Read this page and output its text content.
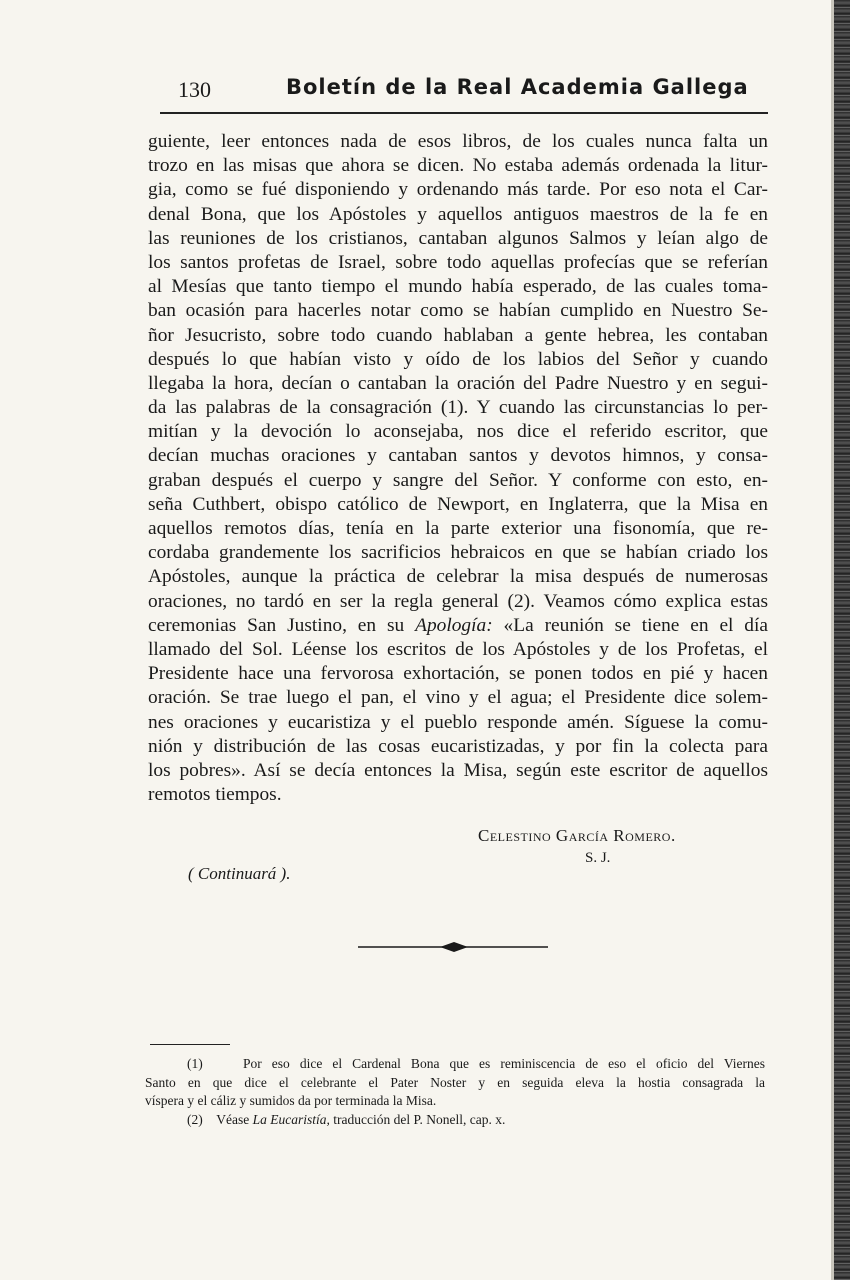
130	Boletín de la Real Academia Gallega
guiente, leer entonces nada de esos libros, de los cuales nunca falta un
trozo en las misas que ahora se dicen. No estaba además ordenada la litur-
gia, como se fué disponiendo y ordenando más tarde. Por eso nota el Car-
denal Bona, que los Apóstoles y aquellos antiguos maestros de la fe en
las reuniones de los cristianos, cantaban algunos Salmos y leían algo de
los santos profetas de Israel, sobre todo aquellas profecías que se referían
al Mesías que tanto tiempo el mundo había esperado, de las cuales toma-
ban ocasión para hacerles notar como se habían cumplido en Nuestro Se-
ñor Jesucristo, sobre todo cuando hablaban a gente hebrea, les contaban
después lo que habían visto y oído de los labios del Señor y cuando
llegaba la hora, decían o cantaban la oración del Padre Nuestro y en segui-
da las palabras de la consagración (1). Y cuando las circunstancias lo per-
mitían y la devoción lo aconsejaba, nos dice el referido escritor, que
decían muchas oraciones y cantaban santos y devotos himnos, y consa-
graban después el cuerpo y sangre del Señor. Y conforme con esto, en-
seña Cuthbert, obispo católico de Newport, en Inglaterra, que la Misa en
aquellos remotos días, tenía en la parte exterior una fisonomía, que re-
cordaba grandemente los sacrificios hebraicos en que se habían criado los
Apóstoles, aunque la práctica de celebrar la misa después de numerosas
oraciones, no tardó en ser la regla general (2). Veamos cómo explica estas
ceremonias San Justino, en su Apología: «La reunión se tiene en el día
llamado del Sol. Léense los escritos de los Apóstoles y de los Profetas, el
Presidente hace una fervorosa exhortación, se ponen todos en pié y hacen
oración. Se trae luego el pan, el vino y el agua; el Presidente dice solem-
nes oraciones y eucaristiza y el pueblo responde amén. Síguese la comu-
nión y distribución de las cosas eucaristizadas, y por fin la colecta para
los pobres». Así se decía entonces la Misa, según este escritor de aquellos
remotos tiempos.
Celestino García Romero.
S. J.
( Continuará ).
(1)	Por eso dice el Cardenal Bona que es reminiscencia de eso el oficio del Viernes
Santo en que dice el celebrante el Pater Noster y en seguida eleva la hostia consagrada la
víspera y el cáliz y sumidos da por terminada la Misa.
(2) Véase La Eucaristía, traducción del P. Nonell, cap. x.
